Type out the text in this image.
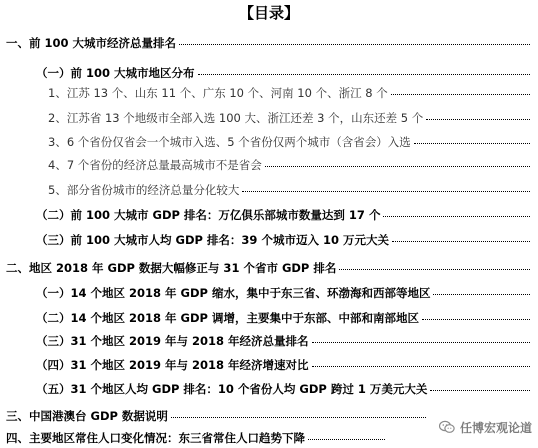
【目录】
一、前 100 大城市经济总量排名
（一）前 100 大城市地区分布
1、江苏 13 个、山东 11 个、广东 10 个、河南 10 个、浙江 8 个
2、江苏省 13 个地级市全部入选 100 大、浙江还差 3 个，山东还差 5 个
3、6 个省份仅省会一个城市入选、5 个省份仅两个城市（含省会）入选
4、7 个省份的经济总量最高城市不是省会
5、部分省份城市的经济总量分化较大
（二）前 100 大城市 GDP 排名：万亿俱乐部城市数量达到 17 个
（三）前 100 大城市人均 GDP 排名：39 个城市迈入 10 万元大关
二、地区 2018 年 GDP 数据大幅修正与 31 个省市 GDP 排名
（一）14 个地区 2018 年 GDP 缩水，集中于东三省、环渤海和西部等地区
（二）14 个地区 2018 年 GDP 调增，主要集中于东部、中部和南部地区
（三）31 个地区 2019 年与 2018 年经济总量排名
（四）31 个地区 2019 年与 2018 年经济增速对比
（五）31 个地区人均 GDP 排名：10 个省份人均 GDP 跨过 1 万美元大关
三、中国港澳台 GDP 数据说明
四、主要地区常住人口变化情况：东三省常住人口趋势下降
任博宏观论道
